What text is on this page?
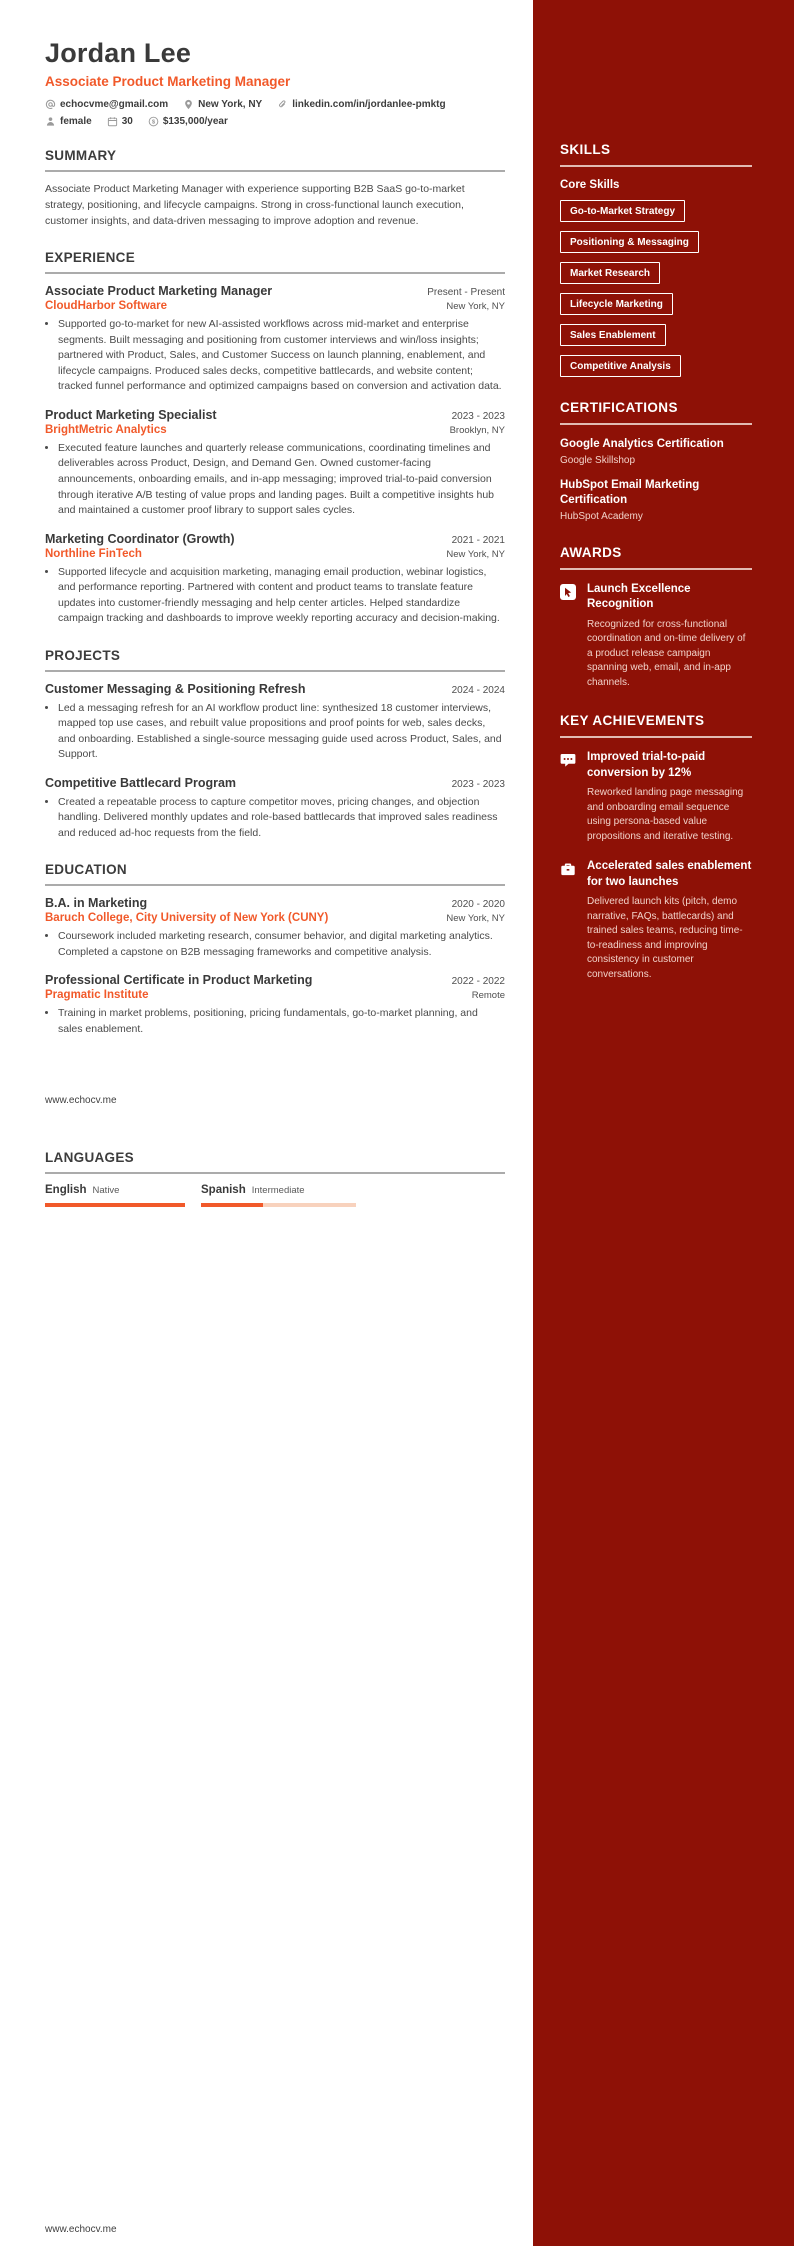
Jordan Lee
Associate Product Marketing Manager
echocvme@gmail.com	New York, NY	linkedin.com/in/jordanlee-pmktg
female	30 $ $135,000/year
SUMMARY

Associate Product Marketing Manager with experience supporting B2B SaaS go-to-market strategy, positioning, and lifecycle campaigns. Strong in cross-functional launch execution, customer insights, and data-driven messaging to improve adoption and revenue.

EXPERIENCE
Associate Product Marketing Manager	Present - Present
CloudHarbor Software	New York, NY
• Supported go-to-market for new AI-assisted workflows across mid-market and enterprise segments. Built messaging and positioning from customer interviews and win/loss insights; partnered with Product, Sales, and Customer Success on launch planning, enablement, and lifecycle campaigns. Produced sales decks, competitive battlecards, and website content; tracked funnel performance and optimized campaigns based on conversion and activation data.
Product Marketing Specialist	2023 - 2023
BrightMetric Analytics	Brooklyn, NY
• Executed feature launches and quarterly release communications, coordinating timelines and deliverables across Product, Design, and Demand Gen. Owned customer-facing announcements, onboarding emails, and in-app messaging; improved trial-to-paid conversion through iterative A/B testing of value props and landing pages. Built a competitive insights hub and maintained a customer proof library to support sales cycles.
Marketing Coordinator (Growth)	2021 - 2021
Northline FinTech	New York, NY
• Supported lifecycle and acquisition marketing, managing email production, webinar logistics, and performance reporting. Partnered with content and product teams to translate feature updates into customer-friendly messaging and help center articles. Helped standardize campaign tracking and dashboards to improve weekly reporting accuracy and decision-making.
PROJECTS
Customer Messaging & Positioning Refresh	2024 - 2024
• Led a messaging refresh for an AI workflow product line: synthesized 18 customer interviews, mapped top use cases, and rebuilt value propositions and proof points for web, sales decks, and onboarding. Established a single-source messaging guide used across Product, Sales, and Support.
Competitive Battlecard Program	2023 - 2023
• Created a repeatable process to capture competitor moves, pricing changes, and objection handling. Delivered monthly updates and role-based battlecards that improved sales readiness and reduced ad-hoc requests from the field.
EDUCATION
B.A. in Marketing	2020 - 2020
Baruch College, City University of New York (CUNY)	New York, NY
• Coursework included marketing research, consumer behavior, and digital marketing analytics. Completed a capstone on B2B messaging frameworks and competitive analysis.
Professional Certificate in Product Marketing	2022 - 2022
Pragmatic Institute	Remote
• Training in market problems, positioning, pricing fundamentals, go-to-market planning, and sales enablement.
www.echocv.me
LANGUAGES
English Native	Spanish Intermediate
www.echocv.me
SKILLS
Core Skills
Go-to-Market Strategy
Positioning & Messaging
Market Research
Lifecycle Marketing
Sales Enablement
Competitive Analysis
CERTIFICATIONS
Google Analytics Certification
Google Skillshop
HubSpot Email Marketing Certification
HubSpot Academy
AWARDS
Launch Excellence Recognition
Recognized for cross-functional coordination and on-time delivery of a product release campaign spanning web, email, and in-app channels.
KEY ACHIEVEMENTS
Improved trial-to-paid conversion by 12%
Reworked landing page messaging and onboarding email sequence using persona-based value propositions and iterative testing.
Accelerated sales enablement for two launches
Delivered launch kits (pitch, demo narrative, FAQs, battlecards) and trained sales teams, reducing time-to-readiness and improving consistency in customer conversations.
